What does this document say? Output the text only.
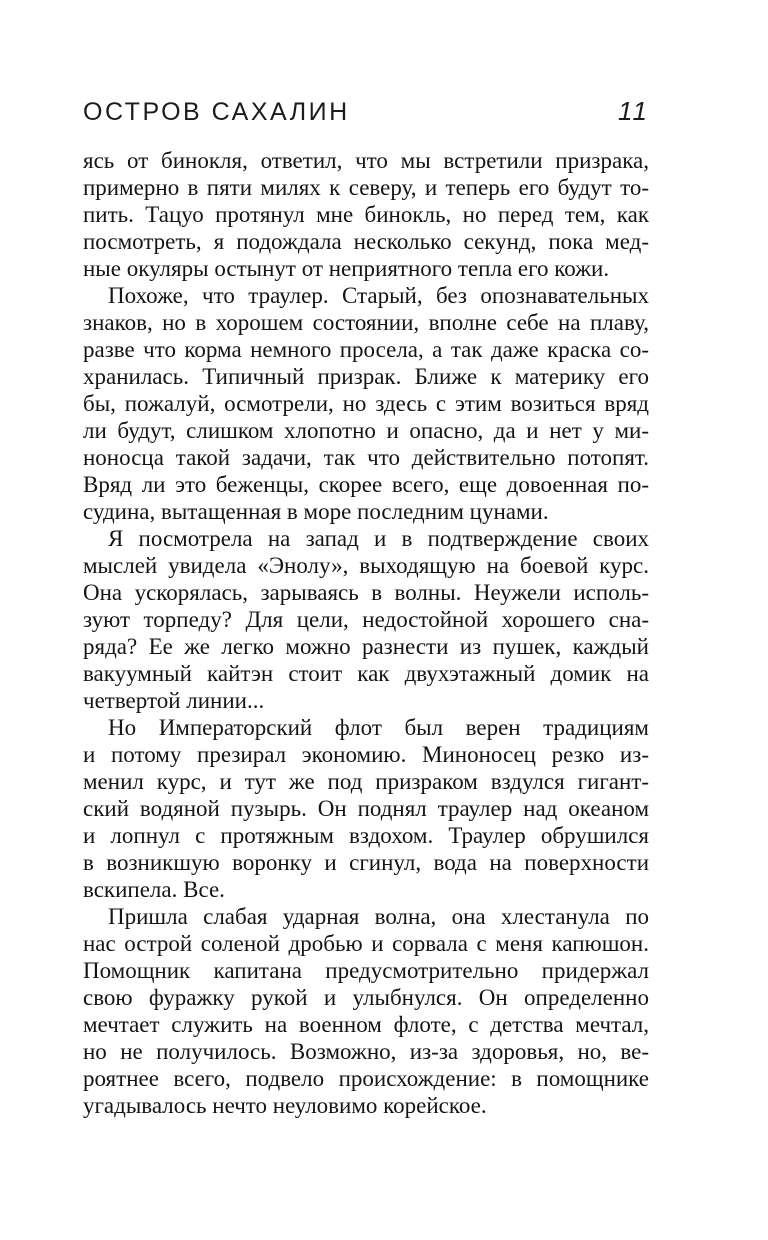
ОСТРОВ САХАЛИН	11

ясь от бинокля, ответил, что мы встретили призрака,
примерно в пяти милях к северу, и теперь его будут то-
пить. Тацуо протянул мне бинокль, но перед тем, как
посмотреть, я подождала несколько секунд, пока мед-
ные окуляры остынут от неприятного тепла его кожи.

Похоже, что траулер. Старый, без опознавательных
знаков, но в хорошем состоянии, вполне себе на плаву,
разве что корма немного просела, а так даже краска со-
хранилась. Типичный призрак. Ближе к материку его
бы, пожалуй, осмотрели, но здесь с этим возиться вряд
ли будут, слишком хлопотно и опасно, да и нет у ми-
ноносца такой задачи, так что действительно потопят.
Вряд ли это беженцы, скорее всего, еще довоенная по-
судина, вытащенная в море последним цунами.

Я посмотрела на запад и в подтверждение своих
мыслей увидела «Энолу», выходящую на боевой курс.
Она ускорялась, зарываясь в волны. Неужели исполь-
зуют торпеду? Для цели, недостойной хорошего сна-
ряда? Ее же легко можно разнести из пушек, каждый
вакуумный кайтэн стоит как двухэтажный домик на
четвертой линии...

Но Императорский флот был верен традициям
и потому презирал экономию. Миноносец резко из-
менил курс, и тут же под призраком вздулся гигант-
ский водяной пузырь. Он поднял траулер над океаном
и лопнул с протяжным вздохом. Траулер обрушился
в возникшую воронку и сгинул, вода на поверхности
вскипела. Все.

Пришла слабая ударная волна, она хлестанула по
нас острой соленой дробью и сорвала с меня капюшон.
Помощник капитана предусмотрительно придержал
свою фуражку рукой и улыбнулся. Он определенно
мечтает служить на военном флоте, с детства мечтал,
но не получилось. Возможно, из-за здоровья, но, ве-
роятнее всего, подвело происхождение: в помощнике
угадывалось нечто неуловимо корейское.
